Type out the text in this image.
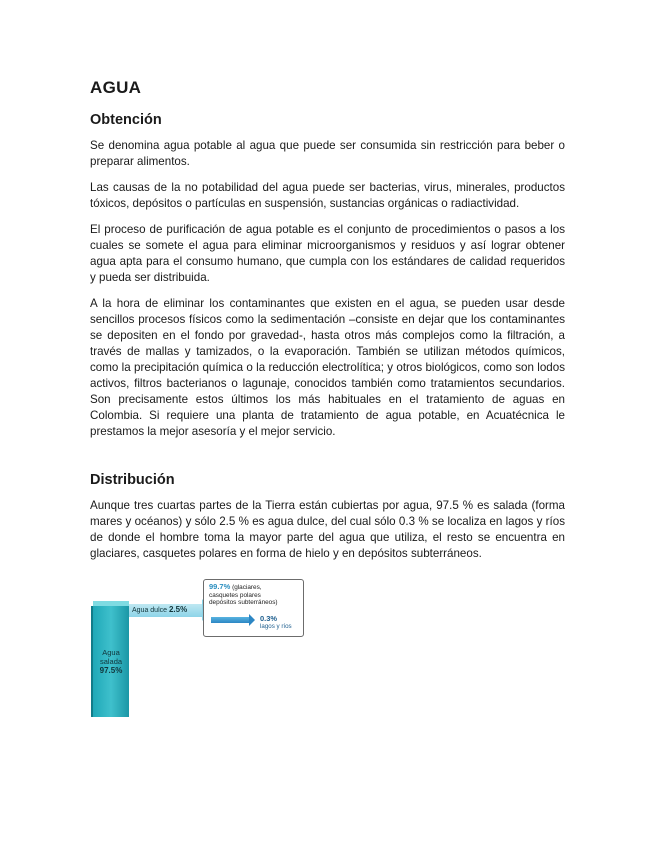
AGUA
Obtención

Se denomina agua potable al agua que puede ser consumida sin restricción para beber o preparar alimentos.

Las causas de la no potabilidad del agua puede ser bacterias, virus, minerales, productos tóxicos, depósitos o partículas en suspensión, sustancias orgánicas o radiactividad.

El proceso de purificación de agua potable es el conjunto de procedimientos o pasos a los cuales se somete el agua para eliminar microorganismos y residuos y así lograr obtener agua apta para el consumo humano, que cumpla con los estándares de calidad requeridos y pueda ser distribuida.

A la hora de eliminar los contaminantes que existen en el agua, se pueden usar desde sencillos procesos físicos como la sedimentación –consiste en dejar que los contaminantes se depositen en el fondo por gravedad-, hasta otros más complejos como la filtración, a través de mallas y tamizados, o la evaporación. También se utilizan métodos químicos, como la precipitación química o la reducción electrolítica; y otros biológicos, como son lodos activos, filtros bacterianos o lagunaje, conocidos también como tratamientos secundarios. Son precisamente estos últimos los más habituales en el tratamiento de aguas en Colombia. Si requiere una planta de tratamiento de agua potable, en Acuatécnica le prestamos la mejor asesoría y el mejor servicio.

Distribución

Aunque tres cuartas partes de la Tierra están cubiertas por agua, 97.5 % es salada (forma mares y océanos) y sólo 2.5 % es agua dulce, del cual sólo 0.3 % se localiza en lagos y ríos de donde el hombre toma la mayor parte del agua que utiliza, el resto se encuentra en glaciares, casquetes polares en forma de hielo y en depósitos subterráneos.

Agua
salada
97.5%
Agua dulce 2.5%
99.7% (glaciares,
casquetes polares
depósitos subterráneos)
0.3%
lagos y ríos
